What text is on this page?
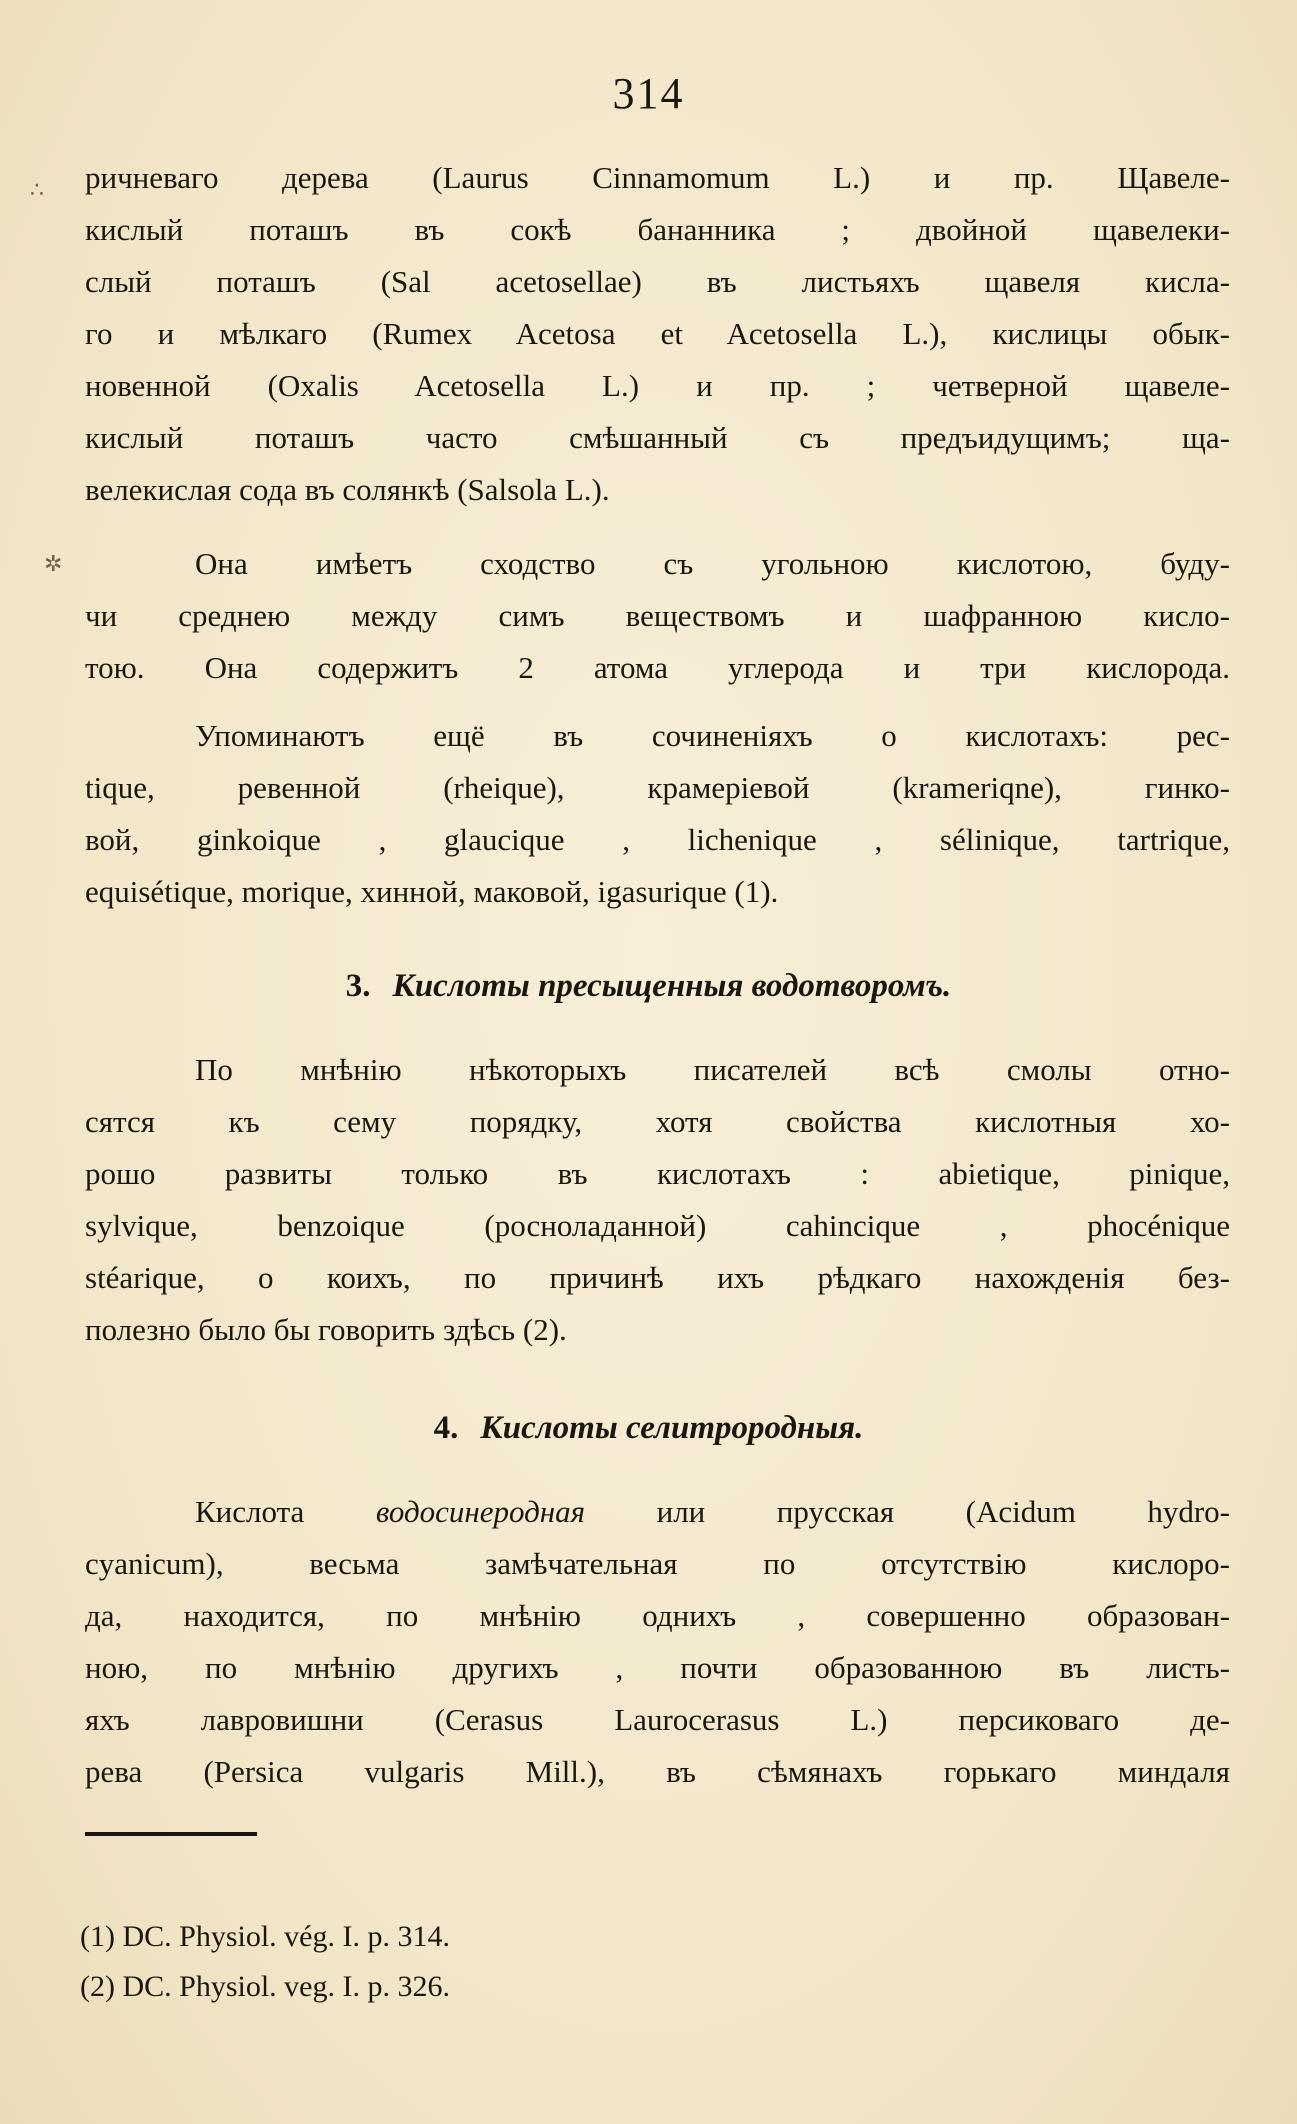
314
∴
✲
ричневаго дерева (Laurus Cinnamomum L.) и пр. Щавеле-
кислый поташъ въ сокѣ бананника ; двойной щавелеки-
слый поташъ (Sal acetosellae) въ листьяхъ щавеля кисла-
го и мѣлкаго (Rumex Acetosa et Acetosella L.), кислицы обык-
новенной (Oxalis Acetosella L.) и пр. ; четверной щавеле-
кислый поташъ часто смѣшанный съ предъидущимъ; ща-
велекислая сода въ солянкѣ (Salsola L.).
Она имѣетъ сходство съ угольною кислотою, буду-
чи среднею между симъ веществомъ и шафранною кисло-
тою. Она содержитъ 2 атома углерода и три кислорода.
Упоминаютъ ещё въ сочиненіяхъ о кислотахъ: pec-
tique, ревенной (rheique), крамеріевой (krameriqne), гинко-
вой, ginkoique , glaucique , lichenique , sélinique, tartrique,
equisétique, morique, хинной, маковой, igasurique (1).
3. Кислоты пресыщенныя водотворомъ.
По мнѣнію нѣкоторыхъ писателей всѣ смолы отно-
сятся къ сему порядку, хотя свойства кислотныя хо-
рошо развиты только въ кислотахъ : abietique, pinique,
sylvique, benzoique (росноладанной) cahincique , phocénique
stéarique, о коихъ, по причинѣ ихъ рѣдкаго нахожденія без-
полезно было бы говорить здѣсь (2).
4. Кислоты селитрородныя.
Кислота водосинеродная или прусская (Acidum hydro-
cyanicum), весьма замѣчательная по отсутствію кислоро-
да, находится, по мнѣнію однихъ , совершенно образован-
ною, по мнѣнію другихъ , почти образованною въ листь-
яхъ лавровишни (Cerasus Laurocerasus L.) персиковаго де-
рева (Persica vulgaris Mill.), въ сѣмянахъ горькаго миндаля
(1) DC. Physiol. vég. I. p. 314.
(2) DC. Physiol. veg. I. p. 326.
